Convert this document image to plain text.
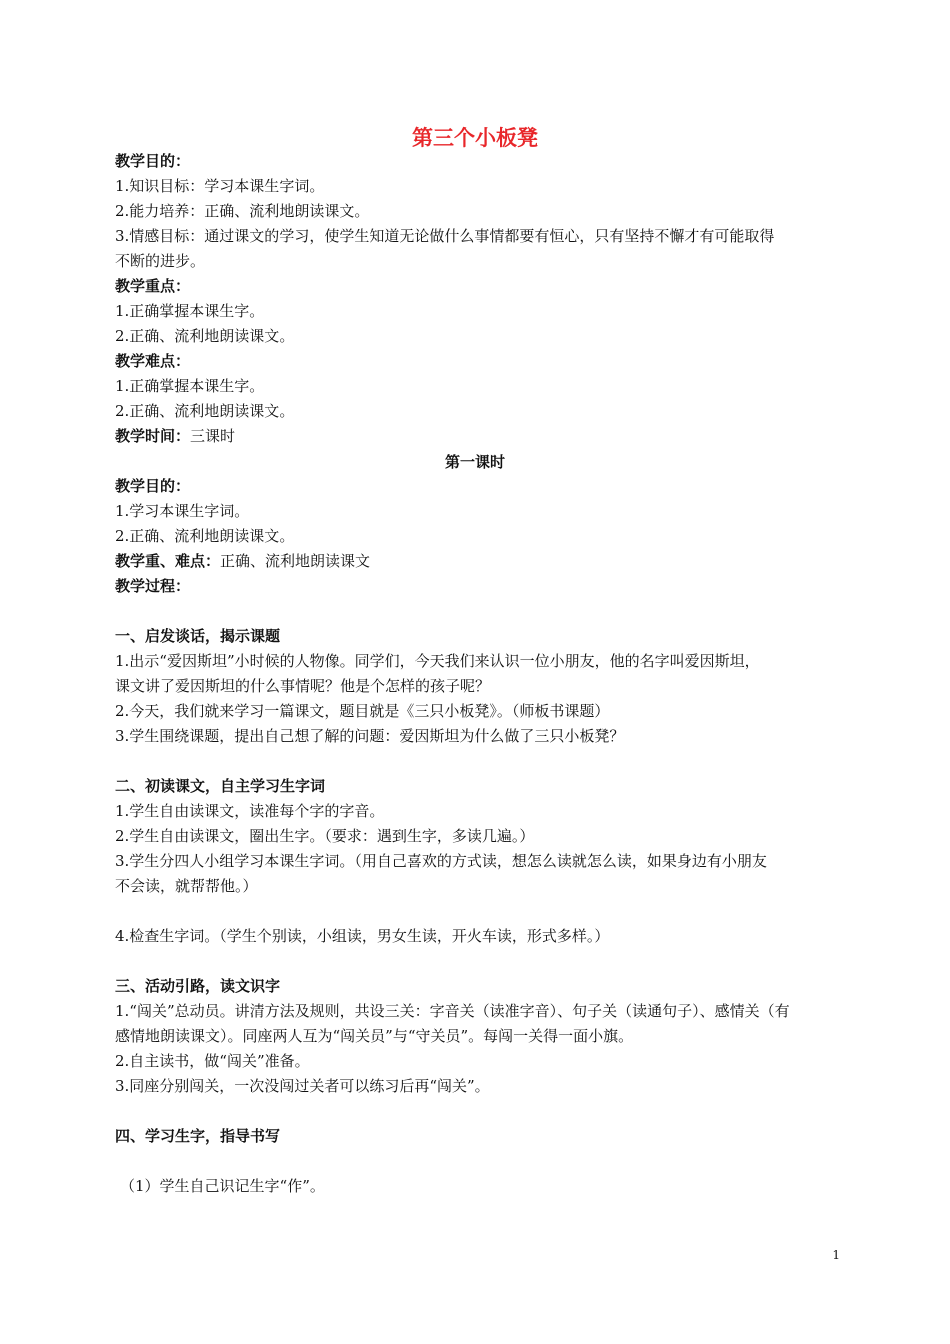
第三个小板凳
教学目的：
1.知识目标：学习本课生字词。
2.能力培养：正确、流利地朗读课文。
3.情感目标：通过课文的学习，使学生知道无论做什么事情都要有恒心，只有坚持不懈才有可能取得
不断的进步。
教学重点：
1.正确掌握本课生字。
2.正确、流利地朗读课文。
教学难点：
1.正确掌握本课生字。
2.正确、流利地朗读课文。
教学时间：三课时
第一课时
教学目的：
1.学习本课生字词。
2.正确、流利地朗读课文。
教学重、难点：正确、流利地朗读课文
教学过程：
一、启发谈话，揭示课题
1.出示“爱因斯坦”小时候的人物像。同学们，今天我们来认识一位小朋友，他的名字叫爱因斯坦，
课文讲了爱因斯坦的什么事情呢？他是个怎样的孩子呢？
2.今天，我们就来学习一篇课文，题目就是《三只小板凳》。（师板书课题）
3.学生围绕课题，提出自己想了解的问题：爱因斯坦为什么做了三只小板凳？
二、初读课文，自主学习生字词
1.学生自由读课文，读准每个字的字音。
2.学生自由读课文，圈出生字。（要求：遇到生字，多读几遍。）
3.学生分四人小组学习本课生字词。（用自己喜欢的方式读，想怎么读就怎么读，如果身边有小朋友
不会读，就帮帮他。）
4.检查生字词。（学生个别读，小组读，男女生读，开火车读，形式多样。）
三、活动引路，读文识字
1.“闯关”总动员。讲清方法及规则，共设三关：字音关（读准字音）、句子关（读通句子）、感情关（有
感情地朗读课文）。同座两人互为“闯关员”与“守关员”。每闯一关得一面小旗。
2.自主读书，做“闯关”准备。
3.同座分别闯关，一次没闯过关者可以练习后再“闯关”。
四、学习生字，指导书写
（1）学生自己识记生字“作”。
1
